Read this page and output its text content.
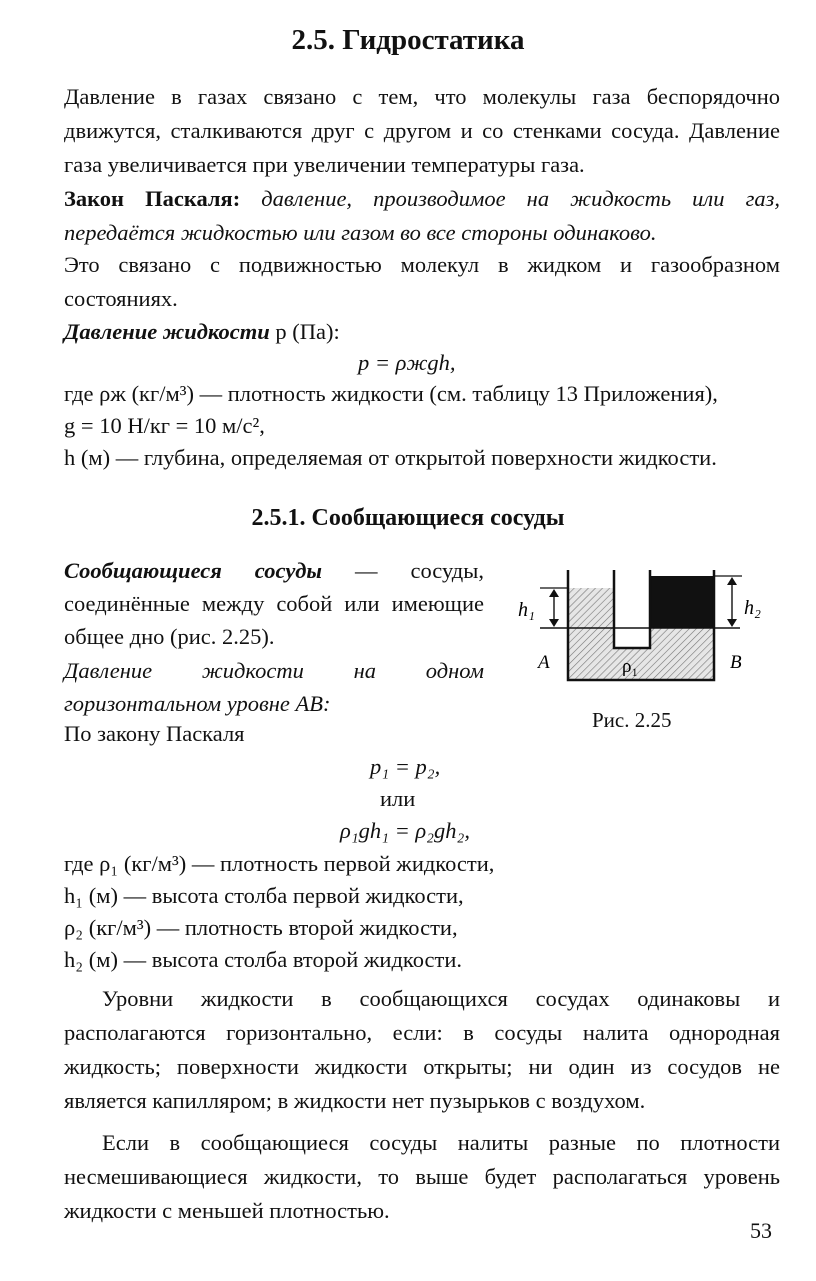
2.5. Гидростатика

Давление в газах связано с тем, что молекулы газа беспорядочно движутся, сталкиваются друг с другом и со стенками сосуда. Давление газа увеличивается при увеличении температуры газа.

Закон Паскаля: давление, производимое на жидкость или газ, передаётся жидкостью или газом во все стороны одинаково.

Это связано с подвижностью молекул в жидком и газообразном состояниях.

Давление жидкости p (Па):
p = ρжgh,
где ρж (кг/м³) — плотность жидкости (см. таблицу 13 Приложения),
g = 10 Н/кг = 10 м/с²,
h (м) — глубина, определяемая от открытой поверхности жидкости.
2.5.1. Сообщающиеся сосуды

Сообщающиеся сосуды — сосуды, соединённые между собой или имеющие общее дно (рис. 2.25).

Давление жидкости на одном горизонтальном уровне AB:

По закону Паскаля
h₁	h₂
A	B
ρ₁
Рис. 2.25
p₁ = p₂,
или
ρ₁gh₁ = ρ₂gh₂,
где ρ₁ (кг/м³) — плотность первой жидкости,
h₁ (м) — высота столба первой жидкости,
ρ₂ (кг/м³) — плотность второй жидкости,
h₂ (м) — высота столба второй жидкости.

Уровни жидкости в сообщающихся сосудах одинаковы и располагаются горизонтально, если: в сосуды налита однородная жидкость; поверхности жидкости открыты; ни один из сосудов не является капилляром; в жидкости нет пузырьков с воздухом.

Если в сообщающиеся сосуды налиты разные по плотности несмешивающиеся жидкости, то выше будет располагаться уровень жидкости с меньшей плотностью.

53
